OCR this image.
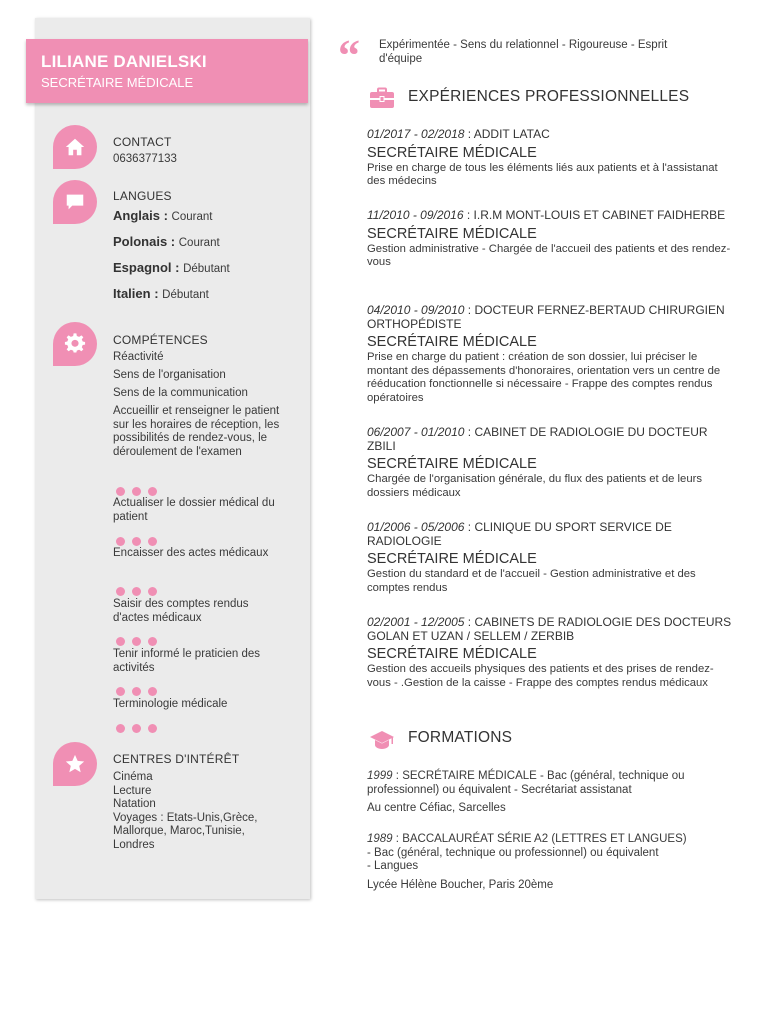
LILIANE DANIELSKI
SECRÉTAIRE MÉDICALE
CONTACT
0636377133
LANGUES
Anglais : Courant
Polonais : Courant
Espagnol : Débutant
Italien : Débutant
COMPÉTENCES
Réactivité
Sens de l'organisation
Sens de la communication
Accueillir et renseigner le patient sur les horaires de réception, les possibilités de rendez-vous, le déroulement de l'examen
Actualiser le dossier médical du patient
Encaisser des actes médicaux
Saisir des comptes rendus d'actes médicaux
Tenir informé le praticien des activités
Terminologie médicale
CENTRES D'INTÉRÊT
Cinéma
Lecture
Natation
Voyages : Etats-Unis,Grèce, Mallorque, Maroc,Tunisie, Londres
“ Expérimentée - Sens du relationnel - Rigoureuse - Esprit d'équipe
EXPÉRIENCES PROFESSIONNELLES
01/2017 - 02/2018 : ADDIT LATAC
SECRÉTAIRE MÉDICALE
Prise en charge de tous les éléments liés aux patients et à l'assistanat des médecins
11/2010 - 09/2016 : I.R.M MONT-LOUIS ET CABINET FAIDHERBE
SECRÉTAIRE MÉDICALE
Gestion administrative - Chargée de l'accueil des patients et des rendez-vous
04/2010 - 09/2010 : DOCTEUR FERNEZ-BERTAUD CHIRURGIEN ORTHOPÉDISTE
SECRÉTAIRE MÉDICALE
Prise en charge du patient : création de son dossier, lui préciser le montant des dépassements d'honoraires, orientation vers un centre de rééducation fonctionnelle si nécessaire - Frappe des comptes rendus opératoires
06/2007 - 01/2010 : CABINET DE RADIOLOGIE DU DOCTEUR ZBILI
SECRÉTAIRE MÉDICALE
Chargée de l'organisation générale, du flux des patients et de leurs dossiers médicaux
01/2006 - 05/2006 : CLINIQUE DU SPORT SERVICE DE RADIOLOGIE
SECRÉTAIRE MÉDICALE
Gestion du standard et de l'accueil - Gestion administrative et des comptes rendus
02/2001 - 12/2005 : CABINETS DE RADIOLOGIE DES DOCTEURS GOLAN ET UZAN / SELLEM / ZERBIB
SECRÉTAIRE MÉDICALE
Gestion des accueils physiques des patients et des prises de rendez-vous - .Gestion de la caisse - Frappe des comptes rendus médicaux
FORMATIONS
1999 : SECRÉTAIRE MÉDICALE - Bac (général, technique ou professionnel) ou équivalent - Secrétariat assistanat
Au centre Céfiac, Sarcelles
1989 : BACCALAURÉAT SÉRIE A2 (LETTRES ET LANGUES)
- Bac (général, technique ou professionnel) ou équivalent
- Langues
Lycée Hélène Boucher, Paris 20ème
